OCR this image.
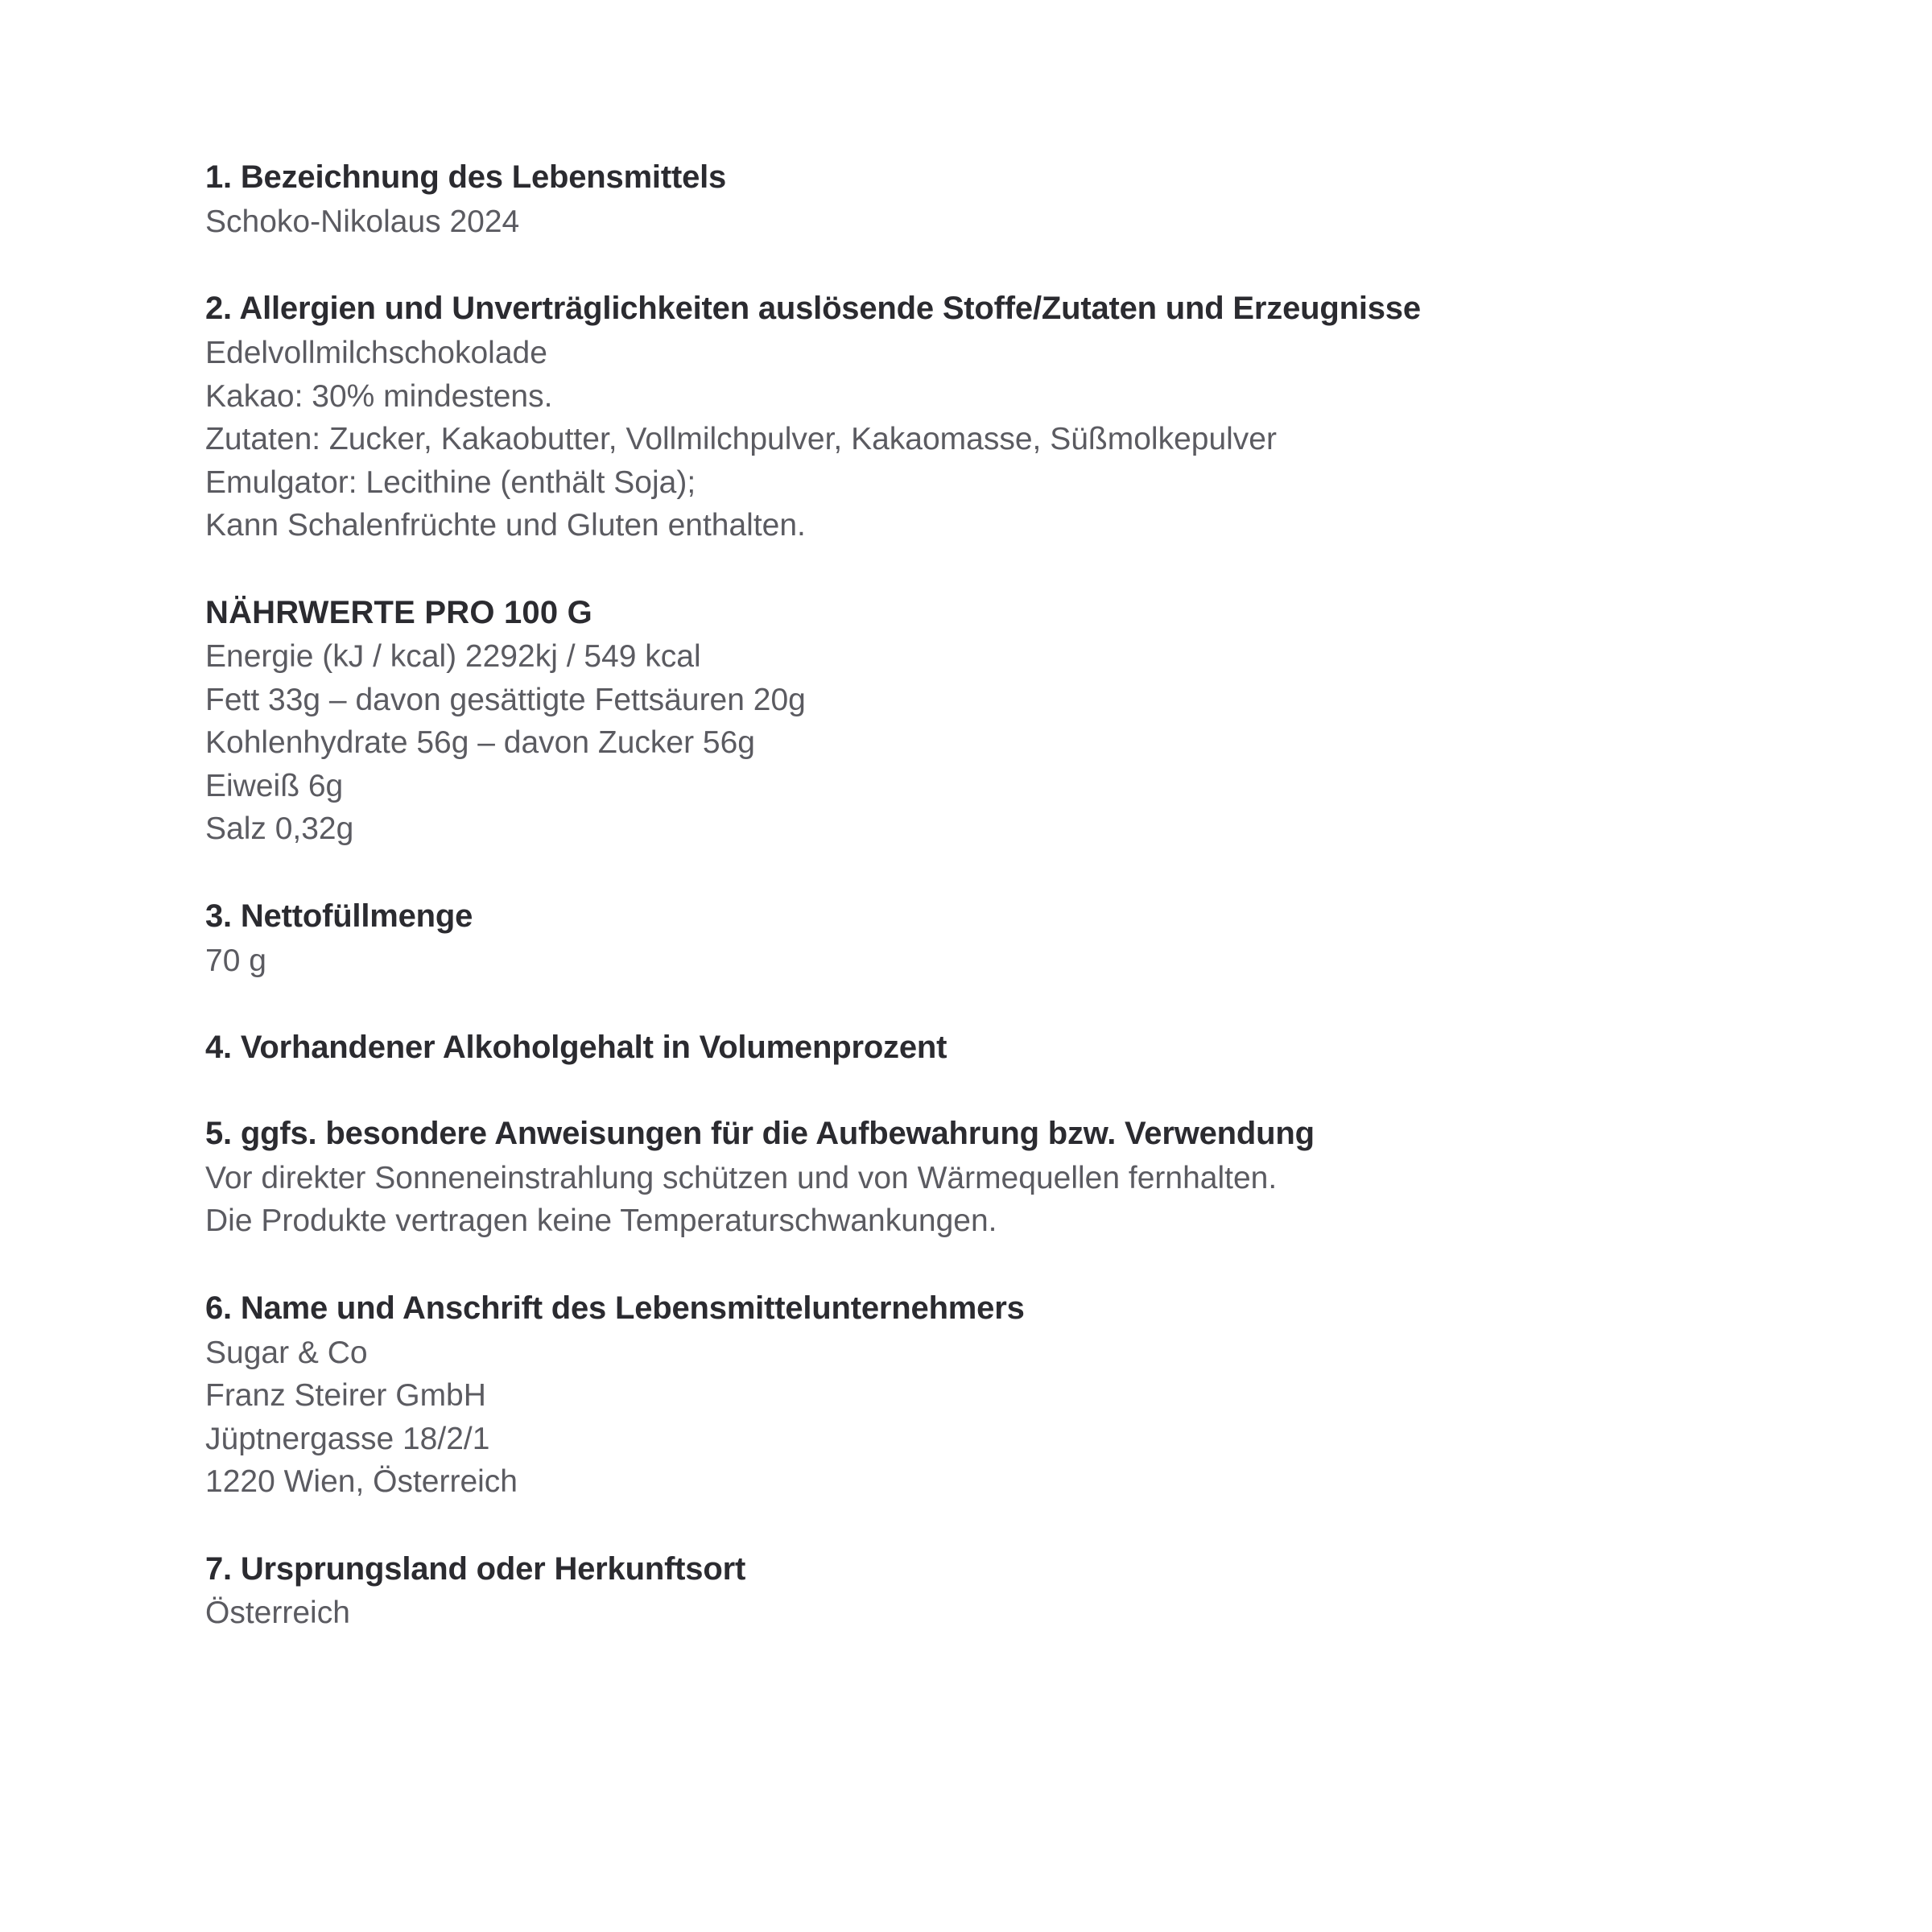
1. Bezeichnung des Lebensmittels

Schoko-Nikolaus 2024

2. Allergien und Unverträglichkeiten auslösende Stoffe/Zutaten und Erzeugnisse

Edelvollmilchschokolade

Kakao: 30% mindestens.

Zutaten: Zucker, Kakaobutter, Vollmilchpulver, Kakaomasse, Süßmolkepulver

Emulgator: Lecithine (enthält Soja);

Kann Schalenfrüchte und Gluten enthalten.

NÄHRWERTE PRO 100 G

Energie (kJ / kcal) 2292kj / 549 kcal

Fett 33g – davon gesättigte Fettsäuren 20g

Kohlenhydrate 56g – davon Zucker 56g

Eiweiß 6g

Salz 0,32g

3. Nettofüllmenge

70 g

4. Vorhandener Alkoholgehalt in Volumenprozent

5. ggfs. besondere Anweisungen für die Aufbewahrung bzw. Verwendung

Vor direkter Sonneneinstrahlung schützen und von Wärmequellen fernhalten.

Die Produkte vertragen keine Temperaturschwankungen.

6. Name und Anschrift des Lebensmittelunternehmers

Sugar & Co

Franz Steirer GmbH

Jüptnergasse 18/2/1

1220 Wien, Österreich

7. Ursprungsland oder Herkunftsort

Österreich
